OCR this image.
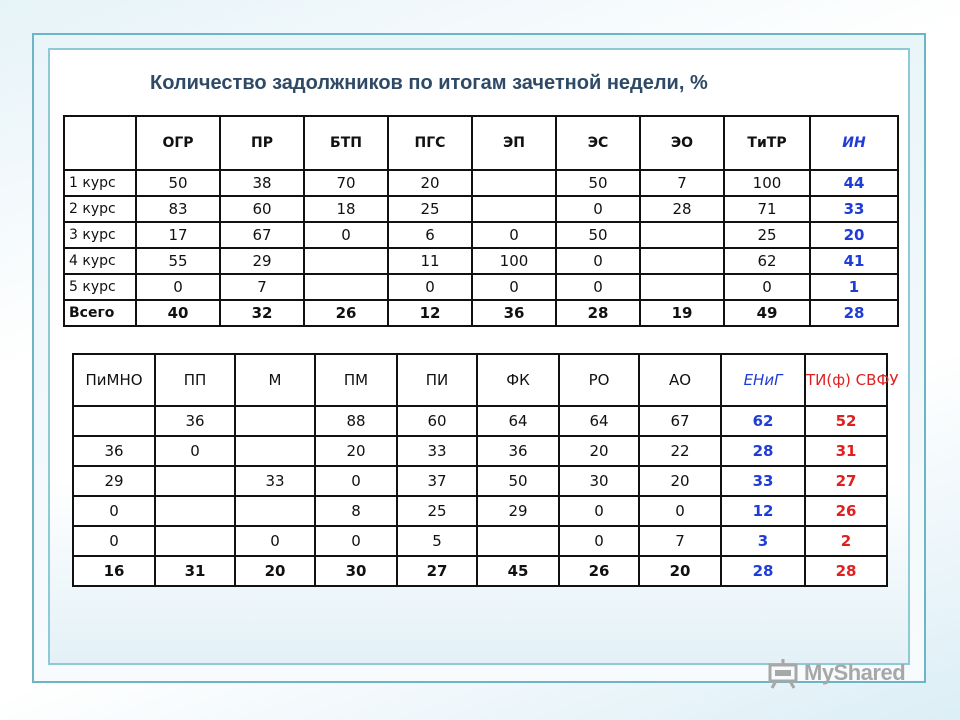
Количество задолжников по итогам зачетной недели, %
	ОГР	ПР	БТП	ПГС	ЭП	ЭС	ЭО	ТиТР	ИН
1 курс	50	38	70	20		50	7	100	44
2 курс	83	60	18	25		0	28	71	33
3 курс	17	67	0	6	0	50		25	20
4 курс	55	29		11	100	0		62	41
5 курс	0	7		0	0	0		0	1
Всего	40	32	26	12	36	28	19	49	28
ПиМНО	ПП	М	ПМ	ПИ	ФК	РО	АО	ЕНиГ	ТИ(ф) СВФУ
	36		88	60	64	64	67	62	52
36	0		20	33	36	20	22	28	31
29		33	0	37	50	30	20	33	27
0			8	25	29	0	0	12	26
0		0	0	5		0	7	3	2
16	31	20	30	27	45	26	20	28	28
MyShared
